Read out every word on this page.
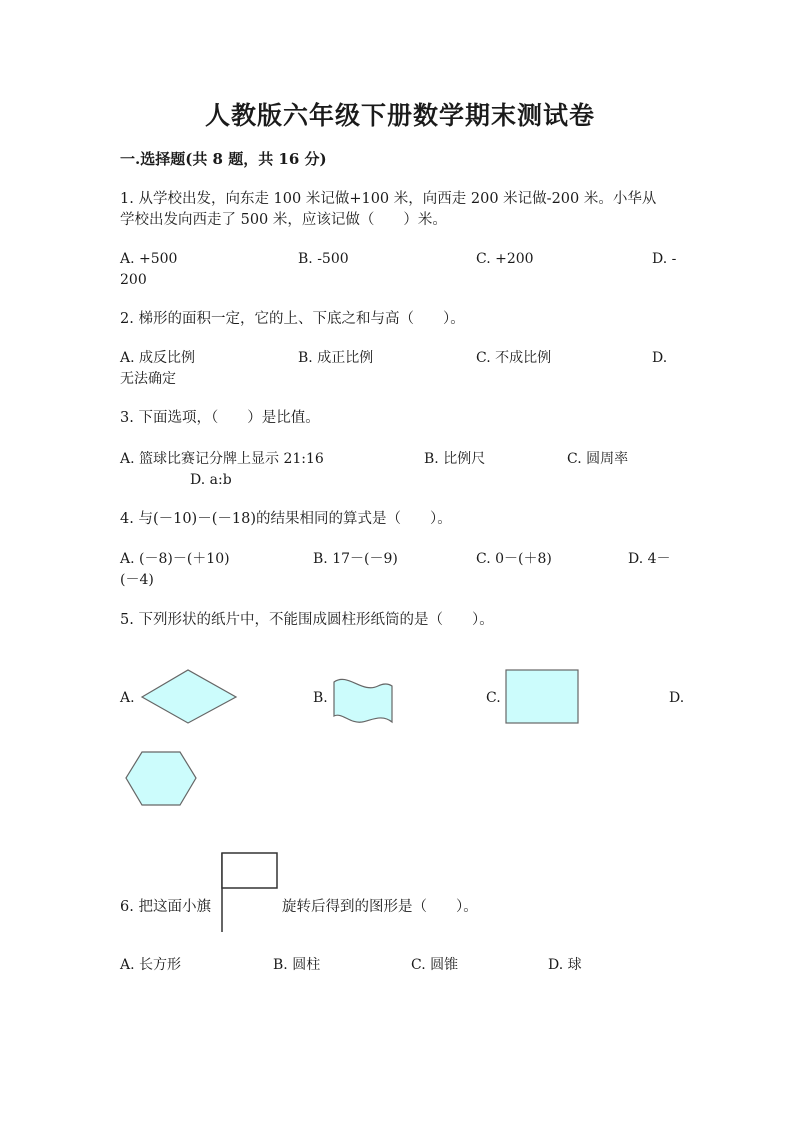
人教版六年级下册数学期末测试卷
一.选择题(共 8 题，共 16 分)
1. 从学校出发，向东走 100 米记做+100 米，向西走 200 米记做-200 米。小华从
学校出发向西走了 500 米，应该记做（　　）米。
A. +500	B. -500	C. +200	D. -
200
2. 梯形的面积一定，它的上、下底之和与高（　　）。
A. 成反比例	B. 成正比例	C. 不成比例	D.
无法确定
3. 下面选项，（　　）是比值。
A. 篮球比赛记分牌上显示 21:16	B. 比例尺	C. 圆周率
D. a:b
4. 与(－10)－(－18)的结果相同的算式是（　　）。
A. (－8)－(＋10)	B. 17－(－9)	C. 0－(＋8)	D. 4－
(－4)
5. 下列形状的纸片中，不能围成圆柱形纸筒的是（　　）。
A.	B.	C.	D.
6. 把这面小旗	旋转后得到的图形是（　　）。
A. 长方形	B. 圆柱	C. 圆锥	D. 球
